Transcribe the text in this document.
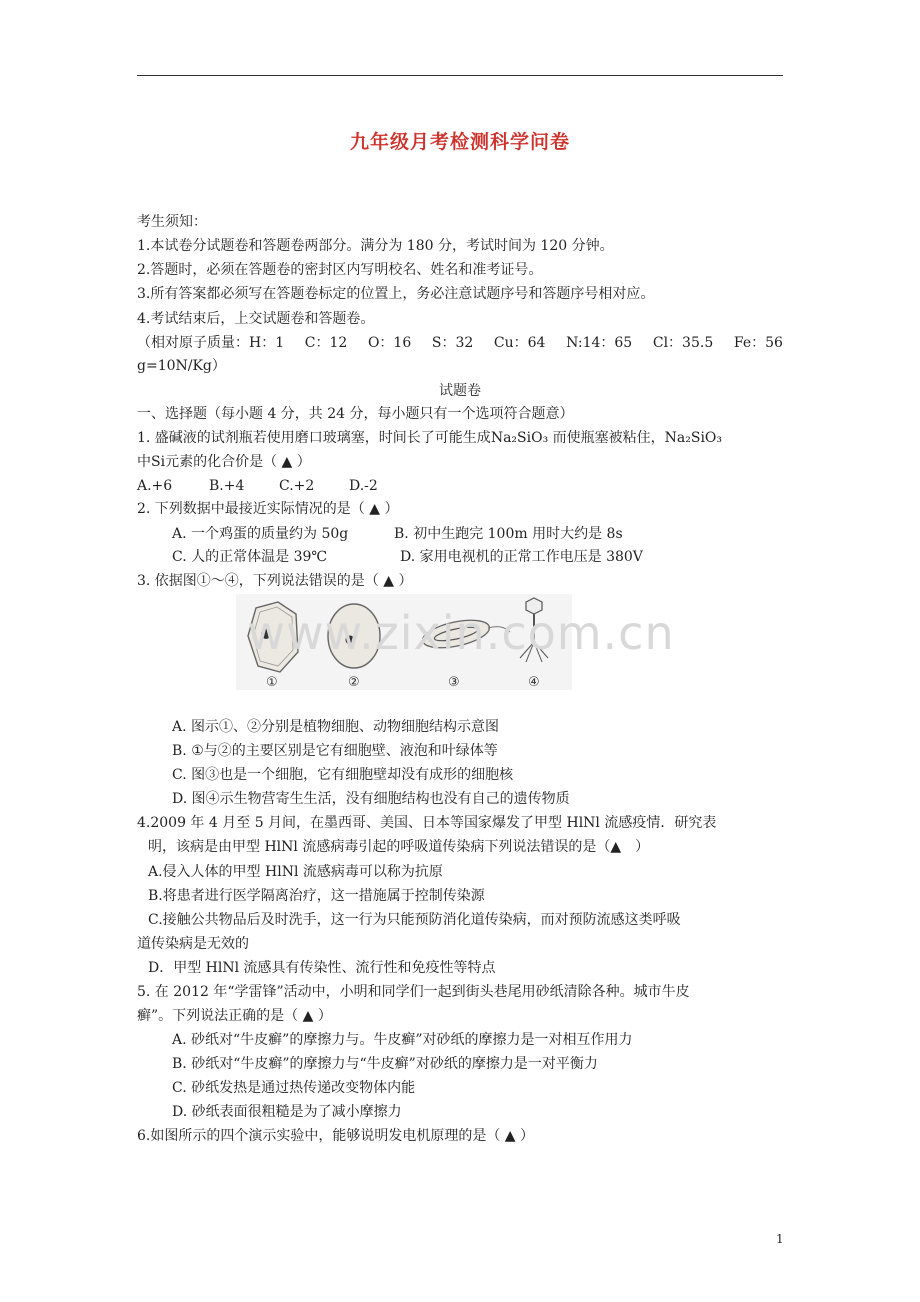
九年级月考检测科学问卷
考生须知：
1.本试卷分试题卷和答题卷两部分。满分为 180 分，考试时间为 120 分钟。
2.答题时，必须在答题卷的密封区内写明校名、姓名和准考证号。
3.所有答案都必须写在答题卷标定的位置上，务必注意试题序号和答题序号相对应。
4.考试结束后，上交试题卷和答题卷。
（相对原子质量：H：1 C：12 O：16 S：32 Cu：64 N:14：65 Cl：35.5 Fe：56
g=10N/Kg）
试题卷
一、选择题（每小题 4 分，共 24 分，每小题只有一个选项符合题意）
1. 盛碱液的试剂瓶若使用磨口玻璃塞，时间长了可能生成Na₂SiO₃ 而使瓶塞被粘住，Na₂SiO₃
中Si元素的化合价是（ ▲ ）
A.+6	B.+4	C.+2	D.-2
2. 下列数据中最接近实际情况的是（ ▲ ）
A. 一个鸡蛋的质量约为 50g	B. 初中生跑完 100m 用时大约是 8s
C. 人的正常体温是 39℃	D. 家用电视机的正常工作电压是 380V
3. 依据图①～④，下列说法错误的是（ ▲ ）
①	②	③	④
www.zixin.com.cn
A. 图示①、②分别是植物细胞、动物细胞结构示意图
B. ①与②的主要区别是它有细胞壁、液泡和叶绿体等
C. 图③也是一个细胞，它有细胞壁却没有成形的细胞核
D. 图④示生物营寄生生活，没有细胞结构也没有自己的遗传物质
4.2009 年 4 月至 5 月间，在墨西哥、美国、日本等国家爆发了甲型 HlNl 流感疫情．研究表
明，该病是由甲型 HlNl 流感病毒引起的呼吸道传染病下列说法错误的是（▲　）
A.侵入人体的甲型 HlNl 流感病毒可以称为抗原
B.将患者进行医学隔离治疗，这一措施属于控制传染源
C.接触公共物品后及时洗手，这一行为只能预防消化道传染病，而对预防流感这类呼吸
道传染病是无效的
D．甲型 HlNl 流感具有传染性、流行性和免疫性等特点
5. 在 2012 年“学雷锋”活动中，小明和同学们一起到街头巷尾用砂纸清除各种。城市牛皮
癣”。下列说法正确的是（ ▲ ）
A. 砂纸对“牛皮癣”的摩擦力与。牛皮癣”对砂纸的摩擦力是一对相互作用力
B. 砂纸对“牛皮癣”的摩擦力与“牛皮癣”对砂纸的摩擦力是一对平衡力
C. 砂纸发热是通过热传递改变物体内能
D. 砂纸表面很粗糙是为了减小摩擦力
6.如图所示的四个演示实验中，能够说明发电机原理的是（ ▲ ）
1
